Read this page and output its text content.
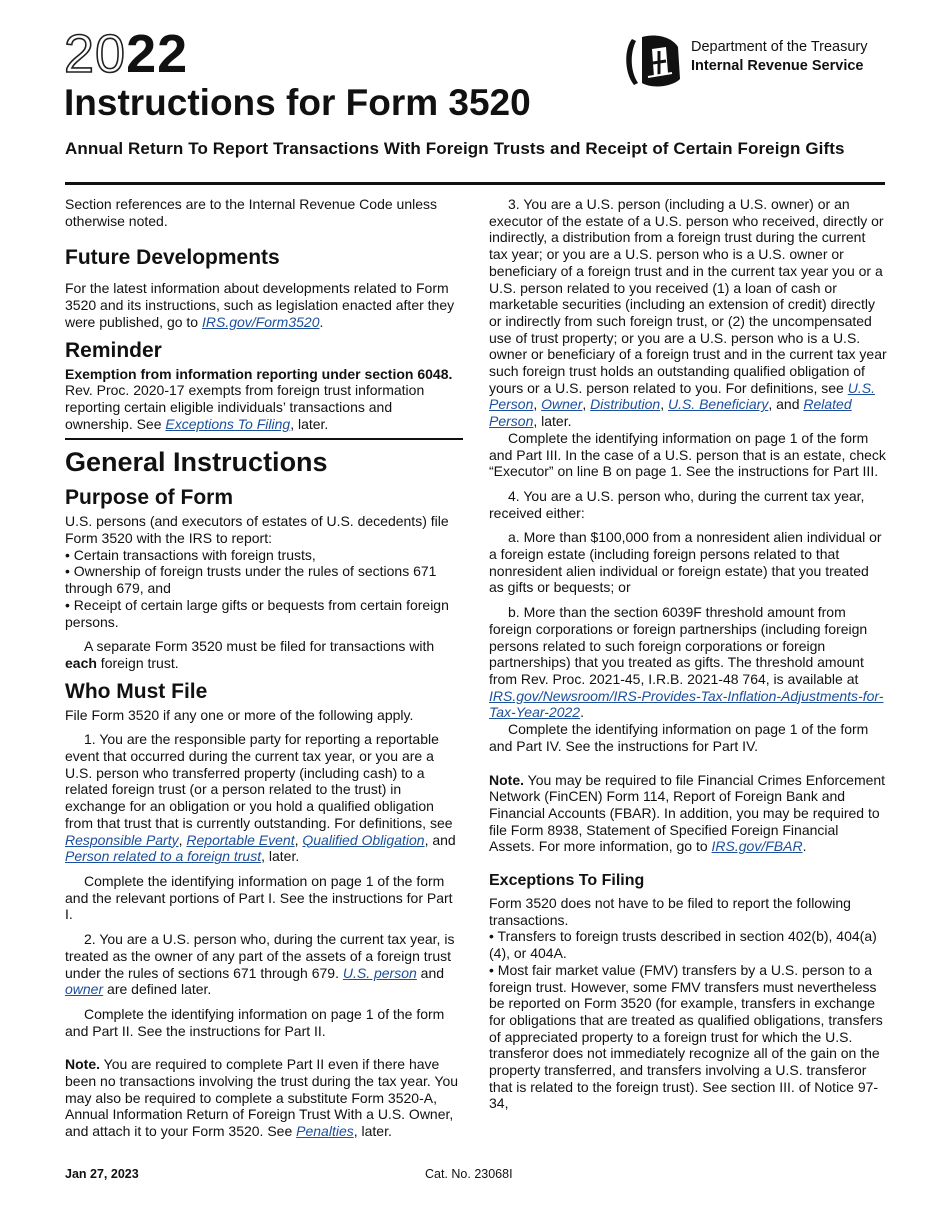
2022
Instructions for Form 3520
Department of the Treasury
Internal Revenue Service
Annual Return To Report Transactions With Foreign Trusts and Receipt of Certain Foreign Gifts

Section references are to the Internal Revenue Code unless otherwise noted.

Future Developments

For the latest information about developments related to Form 3520 and its instructions, such as legislation enacted after they were published, go to IRS.gov/Form3520.

Reminder

Exemption from information reporting under section 6048. Rev. Proc. 2020-17 exempts from foreign trust information reporting certain eligible individuals’ transactions and ownership. See Exceptions To Filing, later.

General Instructions
Purpose of Form

U.S. persons (and executors of estates of U.S. decedents) file Form 3520 with the IRS to report:

• Certain transactions with foreign trusts,

• Ownership of foreign trusts under the rules of sections 671 through 679, and

• Receipt of certain large gifts or bequests from certain foreign persons.

A separate Form 3520 must be filed for transactions with each foreign trust.

Who Must File

File Form 3520 if any one or more of the following apply.

1. You are the responsible party for reporting a reportable event that occurred during the current tax year, or you are a U.S. person who transferred property (including cash) to a related foreign trust (or a person related to the trust) in exchange for an obligation or you hold a qualified obligation from that trust that is currently outstanding. For definitions, see Responsible Party, Reportable Event, Qualified Obligation, and Person related to a foreign trust, later.

Complete the identifying information on page 1 of the form and the relevant portions of Part I. See the instructions for Part I.

2. You are a U.S. person who, during the current tax year, is treated as the owner of any part of the assets of a foreign trust under the rules of sections 671 through 679. U.S. person and owner are defined later.

Complete the identifying information on page 1 of the form and Part II. See the instructions for Part II.

Note. You are required to complete Part II even if there have been no transactions involving the trust during the tax year. You may also be required to complete a substitute Form 3520-A, Annual Information Return of Foreign Trust With a U.S. Owner, and attach it to your Form 3520. See Penalties, later.

3. You are a U.S. person (including a U.S. owner) or an executor of the estate of a U.S. person who received, directly or indirectly, a distribution from a foreign trust during the current tax year; or you are a U.S. person who is a U.S. owner or beneficiary of a foreign trust and in the current tax year you or a U.S. person related to you received (1) a loan of cash or marketable securities (including an extension of credit) directly or indirectly from such foreign trust, or (2) the uncompensated use of trust property; or you are a U.S. person who is a U.S. owner or beneficiary of a foreign trust and in the current tax year such foreign trust holds an outstanding qualified obligation of yours or a U.S. person related to you. For definitions, see U.S. Person, Owner, Distribution, U.S. Beneficiary, and Related Person, later.

Complete the identifying information on page 1 of the form and Part III. In the case of a U.S. person that is an estate, check “Executor” on line B on page 1. See the instructions for Part III.

4. You are a U.S. person who, during the current tax year, received either:

a. More than $100,000 from a nonresident alien individual or a foreign estate (including foreign persons related to that nonresident alien individual or foreign estate) that you treated as gifts or bequests; or

b. More than the section 6039F threshold amount from foreign corporations or foreign partnerships (including foreign persons related to such foreign corporations or foreign partnerships) that you treated as gifts. The threshold amount from Rev. Proc. 2021-45, I.R.B. 2021-48 764, is available at IRS.gov/Newsroom/IRS-Provides-Tax-Inflation-Adjustments-for-Tax-Year-2022.

Complete the identifying information on page 1 of the form and Part IV. See the instructions for Part IV.

Note. You may be required to file Financial Crimes Enforcement Network (FinCEN) Form 114, Report of Foreign Bank and Financial Accounts (FBAR). In addition, you may be required to file Form 8938, Statement of Specified Foreign Financial Assets. For more information, go to IRS.gov/FBAR.

Exceptions To Filing

Form 3520 does not have to be filed to report the following transactions.

• Transfers to foreign trusts described in section 402(b), 404(a)(4), or 404A.

• Most fair market value (FMV) transfers by a U.S. person to a foreign trust. However, some FMV transfers must nevertheless be reported on Form 3520 (for example, transfers in exchange for obligations that are treated as qualified obligations, transfers of appreciated property to a foreign trust for which the U.S. transferor does not immediately recognize all of the gain on the property transferred, and transfers involving a U.S. transferor that is related to the foreign trust). See section III. of Notice 97-34,

Jan 27, 2023	Cat. No. 23068I
